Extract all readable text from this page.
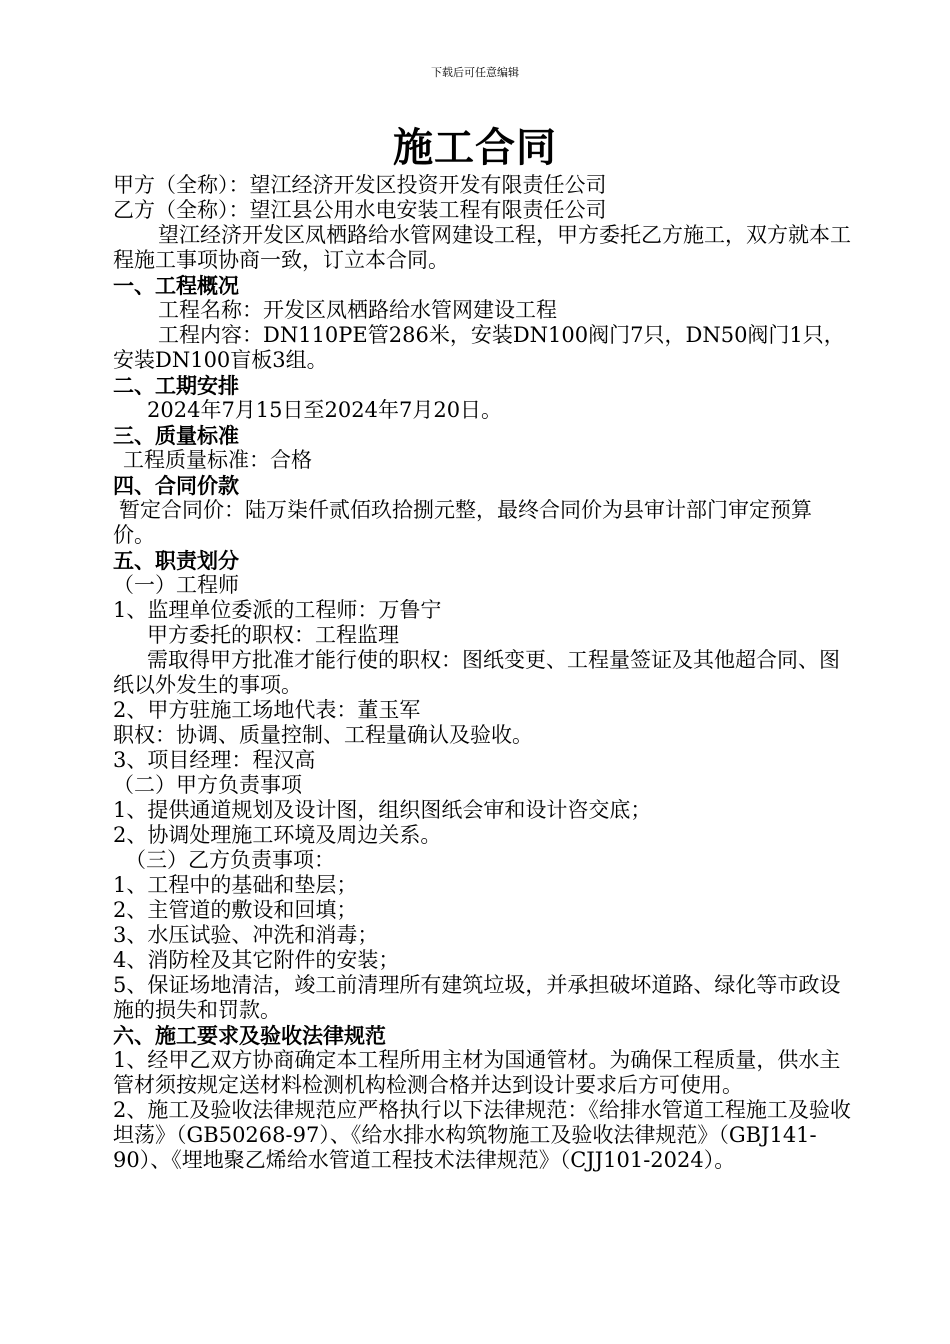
下载后可任意编辑
施工合同

甲方（全称）：望江经济开发区投资开发有限责任公司

乙方（全称）：望江县公用水电安装工程有限责任公司

望江经济开发区凤栖路给水管网建设工程，甲方委托乙方施工，双方就本工程施工事项协商一致，订立本合同。

一、工程概况

工程名称：开发区凤栖路给水管网建设工程

工程内容：DN110PE管286米，安装DN100阀门7只，DN50阀门1只，安装DN100盲板3组。

二、工期安排

2024年7月15日至2024年7月20日。

三、质量标准

工程质量标准：合格

四、合同价款

暂定合同价：陆万柒仟贰佰玖拾捌元整，最终合同价为县审计部门审定预算价。

五、职责划分

（一）工程师

1、监理单位委派的工程师：万鲁宁

甲方委托的职权：工程监理

需取得甲方批准才能行使的职权：图纸变更、工程量签证及其他超合同、图纸以外发生的事项。

2、甲方驻施工场地代表：董玉军

职权：协调、质量控制、工程量确认及验收。

3、项目经理：程汉高

（二）甲方负责事项

1、提供通道规划及设计图，组织图纸会审和设计咨交底；

2、协调处理施工环境及周边关系。

（三）乙方负责事项：

1、工程中的基础和垫层；

2、主管道的敷设和回填；

3、水压试验、冲洗和消毒；

4、消防栓及其它附件的安装；

5、保证场地清洁，竣工前清理所有建筑垃圾，并承担破坏道路、绿化等市政设施的损失和罚款。

六、施工要求及验收法律规范

1、经甲乙双方协商确定本工程所用主材为国通管材。为确保工程质量，供水主管材须按规定送材料检测机构检测合格并达到设计要求后方可使用。

2、施工及验收法律规范应严格执行以下法律规范：《给排水管道工程施工及验收坦荡》（GB50268-97）、《给水排水构筑物施工及验收法律规范》（GBJ141-90）、《埋地聚乙烯给水管道工程技术法律规范》（CJJ101-2024）。
